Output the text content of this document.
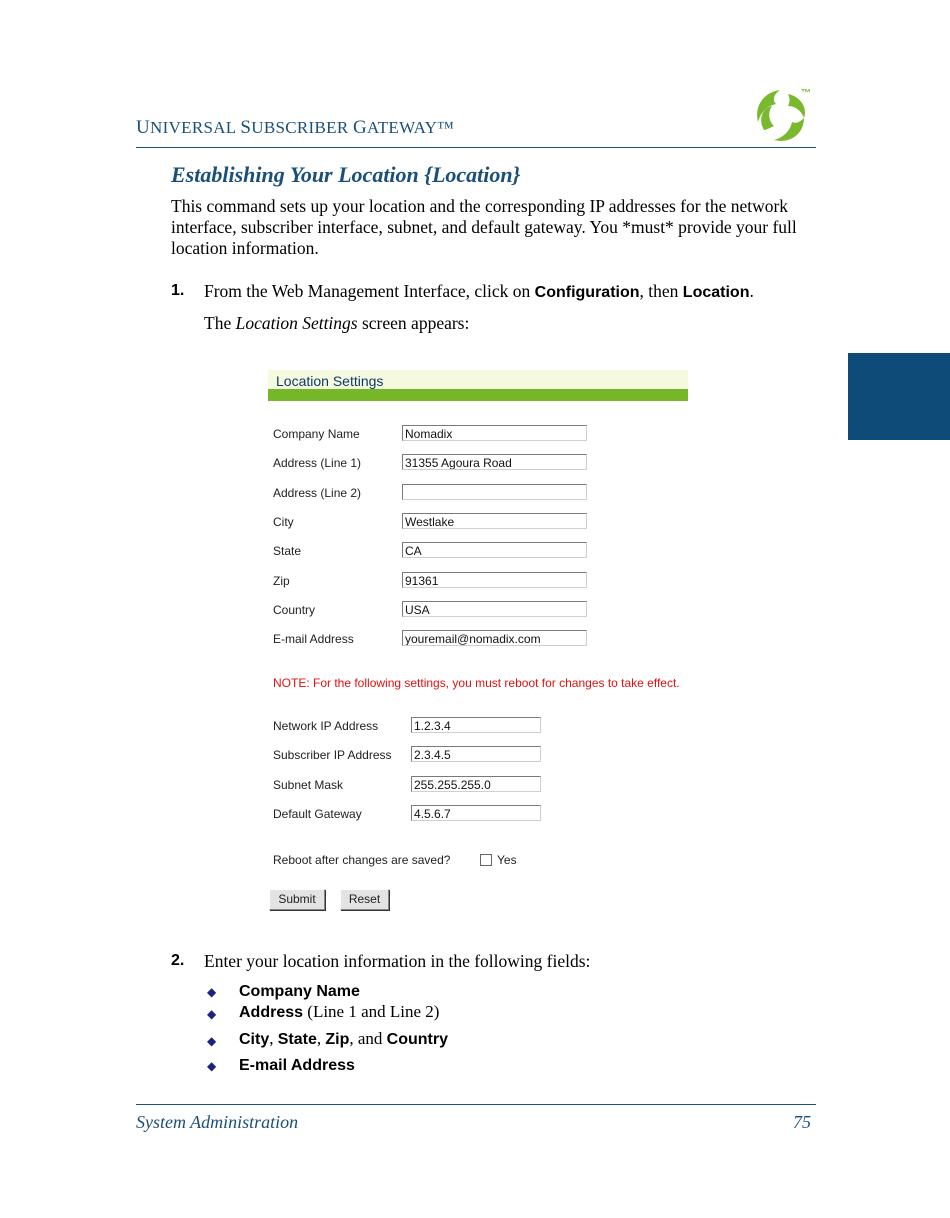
UNIVERSAL SUBSCRIBER GATEWAY™
™
Establishing Your Location {Location}

This command sets up your location and the corresponding IP addresses for the network interface, subscriber interface, subnet, and default gateway. You *must* provide your full location information.

1. From the Web Management Interface, click on Configuration, then Location.
The Location Settings screen appears:
Location Settings
Company Name	Nomadix
Address (Line 1)	31355 Agoura Road
Address (Line 2)
City	Westlake
State	CA
Zip	91361
Country	USA
E-mail Address	youremail@nomadix.com
NOTE: For the following settings, you must reboot for changes to take effect.
Network IP Address	1.2.3.4
Subscriber IP Address 2.3.4.5
Subnet Mask	255.255.255.0
Default Gateway	4.5.6.7
Reboot after changes are saved?	Yes
Submit	Reset
2. Enter your location information in the following fields:
◆ Company Name
◆ Address (Line 1 and Line 2)
◆ City, State, Zip, and Country
◆ E-mail Address
System Administration	75
